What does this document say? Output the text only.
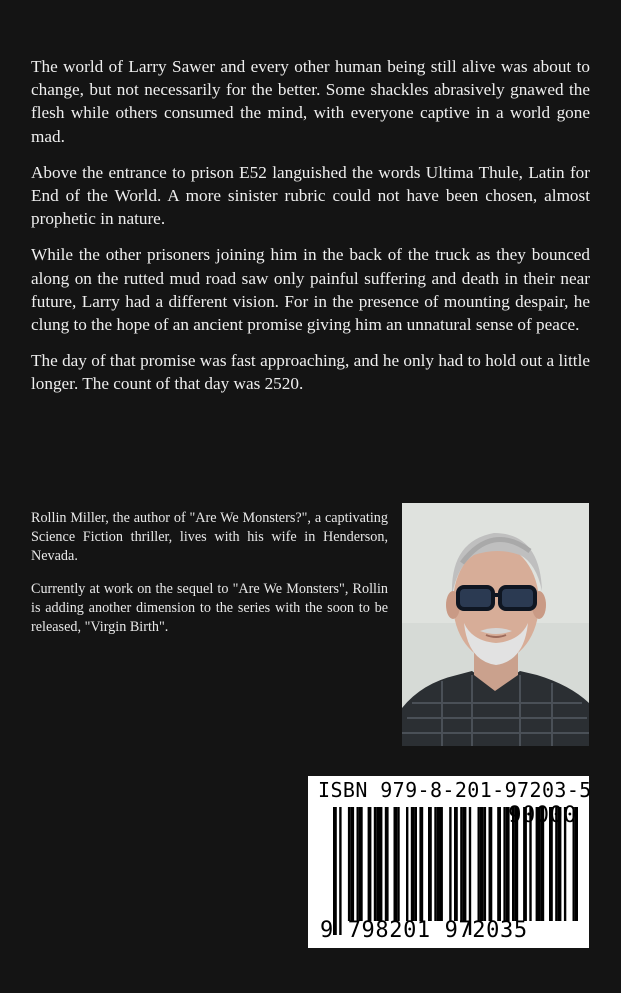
The world of Larry Sawer and every other human being still alive was about to change, but not necessarily for the better. Some shackles abrasively gnawed the flesh while others consumed the mind, with everyone captive in a world gone mad.

Above the entrance to prison E52 languished the words Ultima Thule, Latin for End of the World. A more sinister rubric could not have been chosen, almost prophetic in nature.

While the other prisoners joining him in the back of the truck as they bounced along on the rutted mud road saw only painful suffering and death in their near future, Larry had a different vision. For in the presence of mounting despair, he clung to the hope of an ancient promise giving him an unnatural sense of peace.

The day of that promise was fast approaching, and he only had to hold out a little longer. The count of that day was 2520.

Rollin Miller, the author of "Are We Monsters?", a captivating Science Fiction thriller, lives with his wife in Henderson, Nevada.

Currently at work on the sequel to "Are We Monsters", Rollin is adding another dimension to the series with the soon to be released, "Virgin Birth".

ISBN 979-8-201-97203-5
9 798201 972035
